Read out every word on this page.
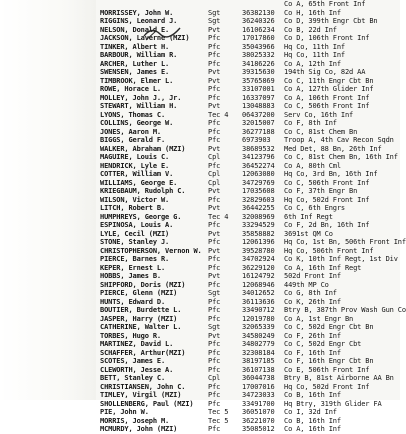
Co A, 65th Front Inf
MORRISSEY, John W.	Sgt	36382130	Co H, 16th Inf
RIGGINS, Leonard J.	Sgt	36240326	Co D, 399th Engr Cbt Bn
NELSON, Donald E.	Pvt	16106234	Co B, 22d Inf
JACKSON, Laverne (MZI)	Pfc	17017860	Co D, 106th Front Inf
TINKER, Albert H.	Pfc	35043966	Hq Co, 11th Inf
BARBOUR, William R.	Pfc	38025332	Hq Co, 11th Inf
ARCHER, Luther L.	Pfc	34186226	Co A, 12th Inf
SWENSEN, James E.	Pvt	39315630	194th Sig Co, 82d AA
TIMBROOK, Elmer L.	Pvt	35765869	Co C, 11th Engr Cbt Bn
ROWE, Horace L.	Pfc	33107001	Co A, 127th Glider Inf
MOLLEY, John J., Jr.	Pfc	16337097	Co A, 106th Front Inf
STEWART, William H.	Pvt	13048883	Co C, 506th Front Inf
LYONS, Thomas C.	Tec 4	06437200	Serv Co, 16th Inf
COLLINS, George W.	Pfc	32015007	Co F, 8th Inf
JONES, Aaron M.	Pfc	36277188	Co C, 81st Chem Bn
BIGGS, Gerald F.	Pfc	6973903	Troop A, 4th Cav Recon Sqdn
WALKER, Abraham (MZI)	Pvt	38689532	Med Det, 88 Bn, 26th Inf
MAGUIRE, Louis C.	Cpl	34123796	Co C, 81st Chem Bn, 16th Inf
HENDRICK, Lyle E.	Pfc	36452274	Co A, 80th Cml
COTTER, William V.	Cpl	12063080	Hq Co, 3rd Bn, 16th Inf
WILLIAMS, George E.	Cpl	34729769	Co C, 506th Front Inf
KRIEGBAUM, Rudolph C.	Pvt	17035608	Co F, 37th Engr Bn
WILSON, Victor W.	Pfc	32829603	Hq Co, 502d Front Inf
LITCH, Robert B.	Pvt	36442255	Co C, 6th Engrs
HUMPHREYS, George G.	Tec 4	32008969	6th Inf Regt
ESPINOSA, Louis A.	Pfc	33294529	Co F, 2d Bn, 16th Inf
LYLE, Cecil (MZI)	Pvt	35858882	3691st QM Co
STONE, Stanley J.	Pfc	12061396	Hq Co, 1st Bn, 506th Front Inf
CHRISTOPHERSON, Vernon W. Pvt	39528780	Hq Co, 506th Front Inf
PIERCE, Barnes R.	Pfc	34702924	Co K, 10th Inf Regt, 1st Div
KEPER, Ernest L.	Pfc	36229120	Co A, 16th Inf Regt
HOBBS, James B.	Pvt	16124792	502d Front Inf
SHIPFORD, Doris (MZI)	Pfc	12068946	449th MP Co
PIERCE, Glenn (MZI)	Sgt	34012652	Co G, 8th Inf
HUNTS, Edward D.	Pfc	36113636	Co K, 26th Inf
BOUTIER, Burdette L.	Pfc	33490712	Btry B, 387th Prov Wash Gun Co
JASPER, Harry (MZI)	Pfc	12019780	Co A, 1st Engr Bn
CATHERINE, Walter L.	Sgt	32065339	Co C, 502d Engr Cbt Bn
TORBES, Hugo R.	Pvt	34580249	Co F, 26th Inf
MARTINEZ, David L.	Pfc	34802779	Co C, 502d Engr Cbt
SCHAFFER, Arthur(MZI)	Pfc	32308184	Co F, 16th Inf
SCOTES, James E.	Pfc	38197185	Co F, 16th Engr Cbt Bn
CLEWORTH, Jesse A.	Pfc	36107138	Co E, 506th Front Inf
BETT, Stanley C.	Cpl	36044738	Btry B, 81st Airborne AA Bn
CHRISTIANSEN, John C.	Pfc	17007016	Hq Co, 502d Front Inf
TIMLEY, Virgil (MZI)	Pfc	34723033	Co B, 16th Inf
SHOLLENBERG, Paul (MZI)	Pfc	33491700	Hq Btry, 319th Glider FA
PIE, John W.	Tec 5	36051070	Co I, 32d Inf
MORRIS, Joseph M.	Tec 5	36221070	Co B, 16th Inf
MCMURDY, John (MZI)	Pfc	35085012	Co A, 16th Inf
